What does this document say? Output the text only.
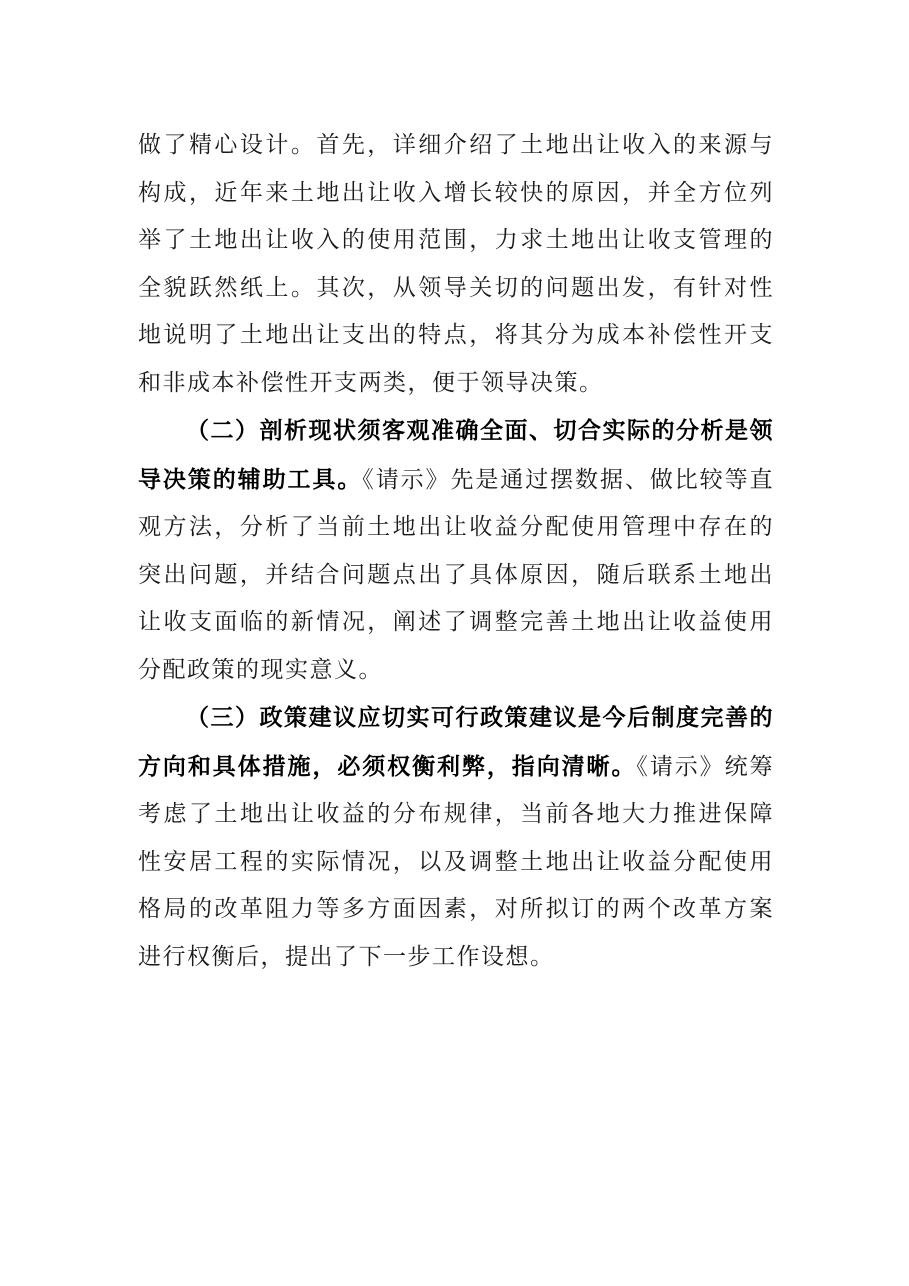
做了精心设计。首先，详细介绍了土地出让收入的来源与构成，近年来土地出让收入增长较快的原因，并全方位列举了土地出让收入的使用范围，力求土地出让收支管理的全貌跃然纸上。其次，从领导关切的问题出发，有针对性地说明了土地出让支出的特点，将其分为成本补偿性开支和非成本补偿性开支两类，便于领导决策。

（二）剖析现状须客观准确全面、切合实际的分析是领导决策的辅助工具。《请示》先是通过摆数据、做比较等直观方法，分析了当前土地出让收益分配使用管理中存在的突出问题，并结合问题点出了具体原因，随后联系土地出让收支面临的新情况，阐述了调整完善土地出让收益使用分配政策的现实意义。

（三）政策建议应切实可行政策建议是今后制度完善的方向和具体措施，必须权衡利弊，指向清晰。《请示》统筹考虑了土地出让收益的分布规律，当前各地大力推进保障性安居工程的实际情况，以及调整土地出让收益分配使用格局的改革阻力等多方面因素，对所拟订的两个改革方案进行权衡后，提出了下一步工作设想。
